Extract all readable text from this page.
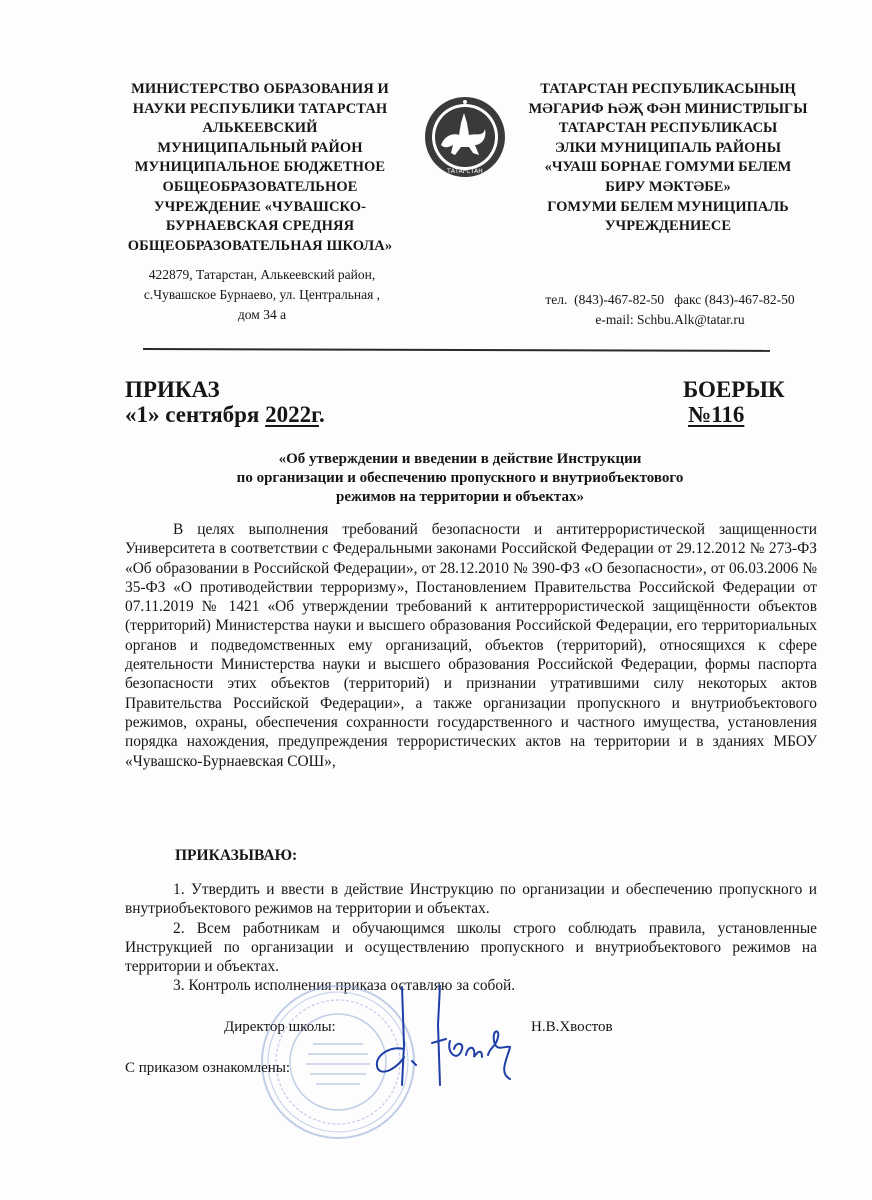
МИНИСТЕРСТВО ОБРАЗОВАНИЯ И
НАУКИ РЕСПУБЛИКИ ТАТАРСТАН
АЛЬКЕЕВСКИЙ
МУНИЦИПАЛЬНЫЙ РАЙОН
МУНИЦИПАЛЬНОЕ БЮДЖЕТНОЕ
ОБЩЕОБРАЗОВАТЕЛЬНОЕ
УЧРЕЖДЕНИЕ «ЧУВАШСКО-
БУРНАЕВСКАЯ СРЕДНЯЯ
ОБЩЕОБРАЗОВАТЕЛЬНАЯ ШКОЛА»
ТАТАРСТАН
ТАТАРСТАН РЕСПУБЛИКАСЫНЫҢ
МӘГАРИФ ҺӘҖ ФӘН МИНИСТРЛЫГЫ
ТАТАРСТАН РЕСПУБЛИКАСЫ
ЭЛКИ МУНИЦИПАЛЬ РАЙОНЫ
«ЧУАШ БОРНАЕ ГОМУМИ БЕЛЕМ
БИРУ МӘКТӘБЕ»
ГОМУМИ БЕЛЕМ МУНИЦИПАЛЬ
УЧРЕЖДЕНИЕСЕ
422879, Татарстан, Алькеевский район,
с.Чувашское Бурнаево, ул. Центральная ,
дом 34 а
тел.  (843)-467-82-50   факс (843)-467-82-50
e-mail: Schbu.Alk@tatar.ru
ПРИКАЗ
«1» сентября 2022г.
БОЕРЫК
№116
«Об утверждении и введении в действие Инструкции
по организации и обеспечению пропускного и внутриобъектового
режимов на территории и объектах»

В целях выполнения требований безопасности и антитеррористической защищенности Университета в соответствии с Федеральными законами Российской Федерации от 29.12.2012 № 273-ФЗ «Об образовании в Российской Федерации», от 28.12.2010 № 390-ФЗ «О безопасности», от 06.03.2006 № 35-ФЗ «О противодействии терроризму», Постановлением Правительства Российской Федерации от 07.11.2019 № 1421 «Об утверждении требований к антитеррористической защищённости объектов (территорий) Министерства науки и высшего образования Российской Федерации, его территориальных органов и подведомственных ему организаций, объектов (территорий), относящихся к сфере деятельности Министерства науки и высшего образования Российской Федерации, формы паспорта безопасности этих объектов (территорий) и признании утратившими силу некоторых актов Правительства Российской Федерации», а также организации пропускного и внутриобъектового режимов, охраны, обеспечения сохранности государственного и частного имущества, установления порядка нахождения, предупреждения террористических актов на территории и в зданиях МБОУ «Чувашско-Бурнаевская СОШ»,

ПРИКАЗЫВАЮ:

1. Утвердить и ввести в действие Инструкцию по организации и обеспечению пропускного и внутриобъектового режимов на территории и объектах.

2. Всем работникам и обучающимся школы строго соблюдать правила, установленные Инструкцией по организации и осуществлению пропускного и внутриобъектового режимов на территории и объектах.

3. Контроль исполнения приказа оставляю за собой.

Директор школы:	Н.В.Хвостов
С приказом ознакомлены:
